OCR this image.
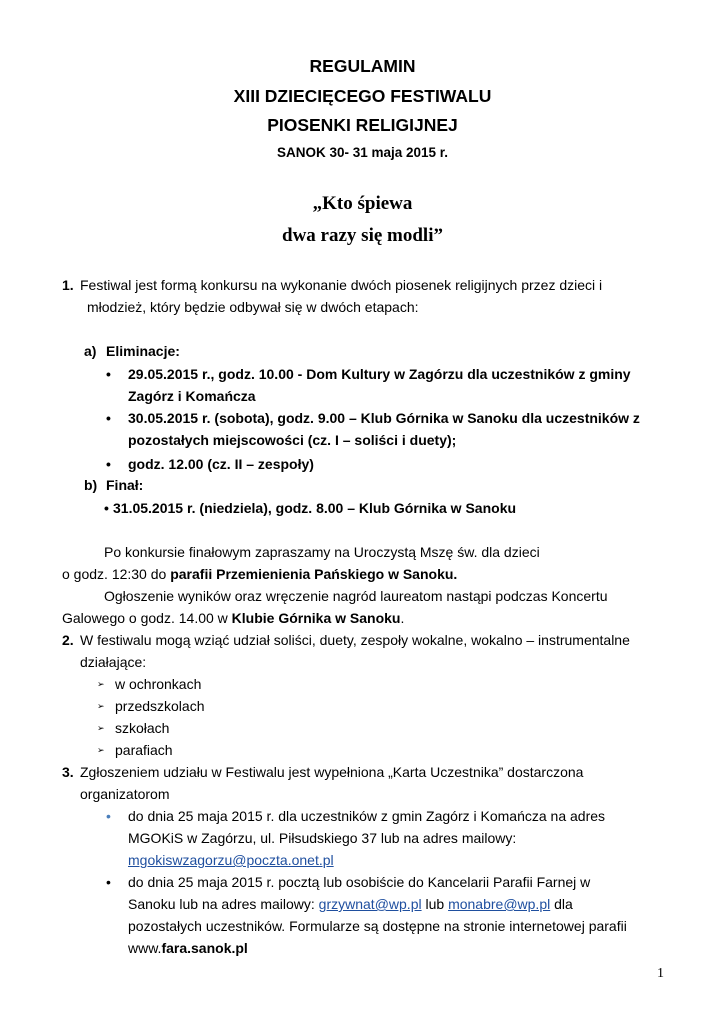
REGULAMIN
XIII DZIECIĘCEGO FESTIWALU
PIOSENKI RELIGIJNEJ
SANOK 30- 31 maja 2015 r.
„Kto śpiewa
dwa razy się modli”
1. Festiwal jest formą konkursu na wykonanie dwóch piosenek religijnych przez dzieci i
młodzież, który będzie odbywał się w dwóch etapach:
a) Eliminacje:
• 29.05.2015 r., godz. 10.00 - Dom Kultury w Zagórzu dla uczestników z gminy
Zagórz i Komańcza
• 30.05.2015 r. (sobota), godz. 9.00 – Klub Górnika w Sanoku dla uczestników z
pozostałych miejscowości (cz. I – soliści i duety);
• godz. 12.00 (cz. II – zespoły)
b) Finał:
• 31.05.2015 r. (niedziela), godz. 8.00 – Klub Górnika w Sanoku
Po konkursie finałowym zapraszamy na Uroczystą Mszę św. dla dzieci
o godz. 12:30 do parafii Przemienienia Pańskiego w Sanoku.
Ogłoszenie wyników oraz wręczenie nagród laureatom nastąpi podczas Koncertu
Galowego o godz. 14.00 w Klubie Górnika w Sanoku.
2. W festiwalu mogą wziąć udział soliści, duety, zespoły wokalne, wokalno – instrumentalne
działające:
➢ w ochronkach
➢ przedszkolach
➢ szkołach
➢ parafiach
3. Zgłoszeniem udziału w Festiwalu jest wypełniona „Karta Uczestnika” dostarczona
organizatorom
• do dnia 25 maja 2015 r. dla uczestników z gmin Zagórz i Komańcza na adres
MGOKiS w Zagórzu, ul. Piłsudskiego 37 lub na adres mailowy:
mgokiswzagorzu@poczta.onet.pl
• do dnia 25 maja 2015 r. pocztą lub osobiście do Kancelarii Parafii Farnej w
Sanoku lub na adres mailowy: grzywnat@wp.pl lub monabre@wp.pl dla
pozostałych uczestników. Formularze są dostępne na stronie internetowej parafii
www.fara.sanok.pl
1
